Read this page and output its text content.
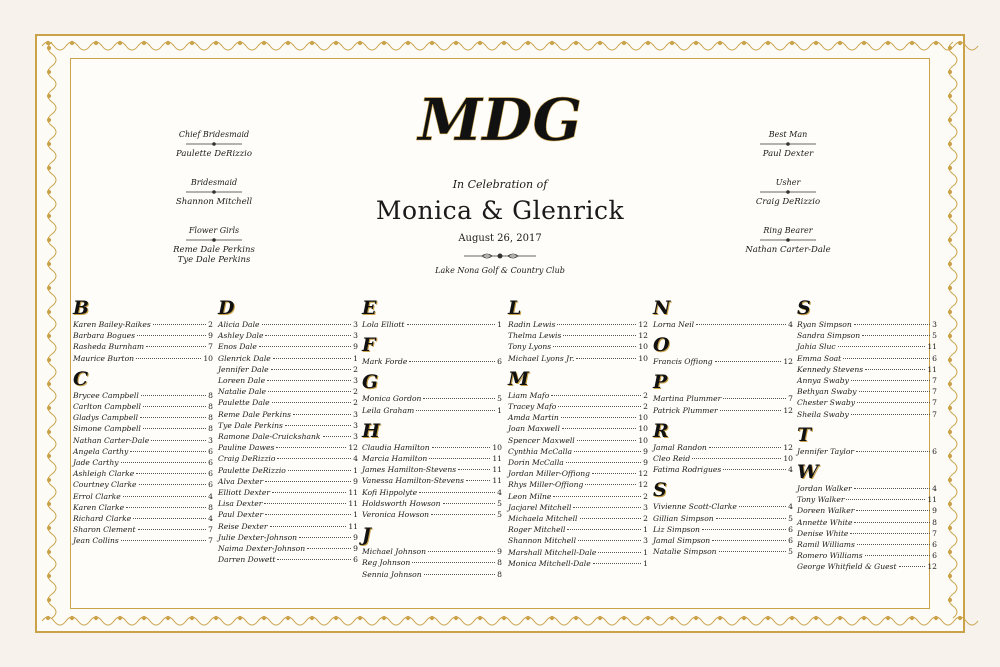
MDG
In Celebration of
Monica & Glenrick
August 26, 2017
Lake Nona Golf & Country Club
Chief Bridesmaid
Paulette DeRizzio
Bridesmaid
Shannon Mitchell
Flower Girls
Reme Dale Perkins
Tye Dale Perkins
Best Man
Paul Dexter
Usher
Craig DeRizzio
Ring Bearer
Nathan Carter-Dale
B
Karen Bailey-Raikes	2
Barbara Bogues	9
Rasheda Burnham	7
Maurice Burton	10
C
Brycee Campbell	8
Carlton Campbell	8
Gladys Campbell	8
Simone Campbell	8
Nathan Carter-Dale	3
Angela Carthy	6
Jade Carthy	6
Ashleigh Clarke	6
Courtney Clarke	6
Errol Clarke	4
Karen Clarke	8
Richard Clarke	4
Sharon Clement	7
Jean Collins	7
D
Alicia Dale	3
Ashley Dale	3
Enos Dale	9
Glenrick Dale	1
Jennifer Dale	2
Loreen Dale	3
Natalie Dale	2
Paulette Dale	2
Reme Dale Perkins	3
Tye Dale Perkins	3
Ramone Dale-Cruickshank	3
Pauline Dawes	12
Craig DeRizzio	4
Paulette DeRizzio	1
Alva Dexter	9
Elliott Dexter	11
Lisa Dexter	11
Paul Dexter	1
Reise Dexter	11
Julie Dexter-Johnson	9
Naima Dexter-Johnson	9
Darren Dowett	6
E
Lola Elliott	1
F
Mark Forde	6
G
Monica Gordon	5
Leila Graham	1
H
Claudia Hamilton	10
Marcia Hamilton	11
James Hamilton-Stevens	11
Vanessa Hamilton-Stevens	11
Kofi Hippolyte	4
Holdsworth Howson	5
Veronica Howson	5
J
Michael Johnson	9
Reg Johnson	8
Sennia Johnson	8
L
Radin Lewis	12
Thelma Lewis	12
Tony Lyons	10
Michael Lyons Jr.	10
M
Liam Mafo	2
Tracey Mafo	2
Amda Martin	10
Joan Maxwell	10
Spencer Maxwell	10
Cynthia McCalla	9
Dorin McCalla	9
Jordan Miller-Offiong	12
Rhys Miller-Offiong	12
Leon Milne	2
Jacjarel Mitchell	3
Michaela Mitchell	2
Roger Mitchell	1
Shannon Mitchell	3
Marshall Mitchell-Dale	1
Monica Mitchell-Dale	1
N
Lorna Neil	4
O
Francis Offiong	12
P
Martina Plummer	7
Patrick Plummer	12
R
Jamal Randon	12
Cleo Reid	10
Fatima Rodrigues	4
S
Vivienne Scott-Clarke	4
Gillian Simpson	5
Liz Simpson	6
Jamal Simpson	6
Natalie Simpson	5
S
Ryan Simpson	3
Sandra Simpson	5
Jahia Sluc	11
Emma Soat	6
Kennedy Stevens	11
Annya Swaby	7
Bethyan Swaby	7
Chester Swaby	7
Sheila Swaby	7
T
Jennifer Taylor	6
W
Jordan Walker	4
Tony Walker	11
Doreen Walker	9
Annette White	8
Denise White	7
Ramil Williams	6
Romero Williams	6
George Whitfield & Guest	12
